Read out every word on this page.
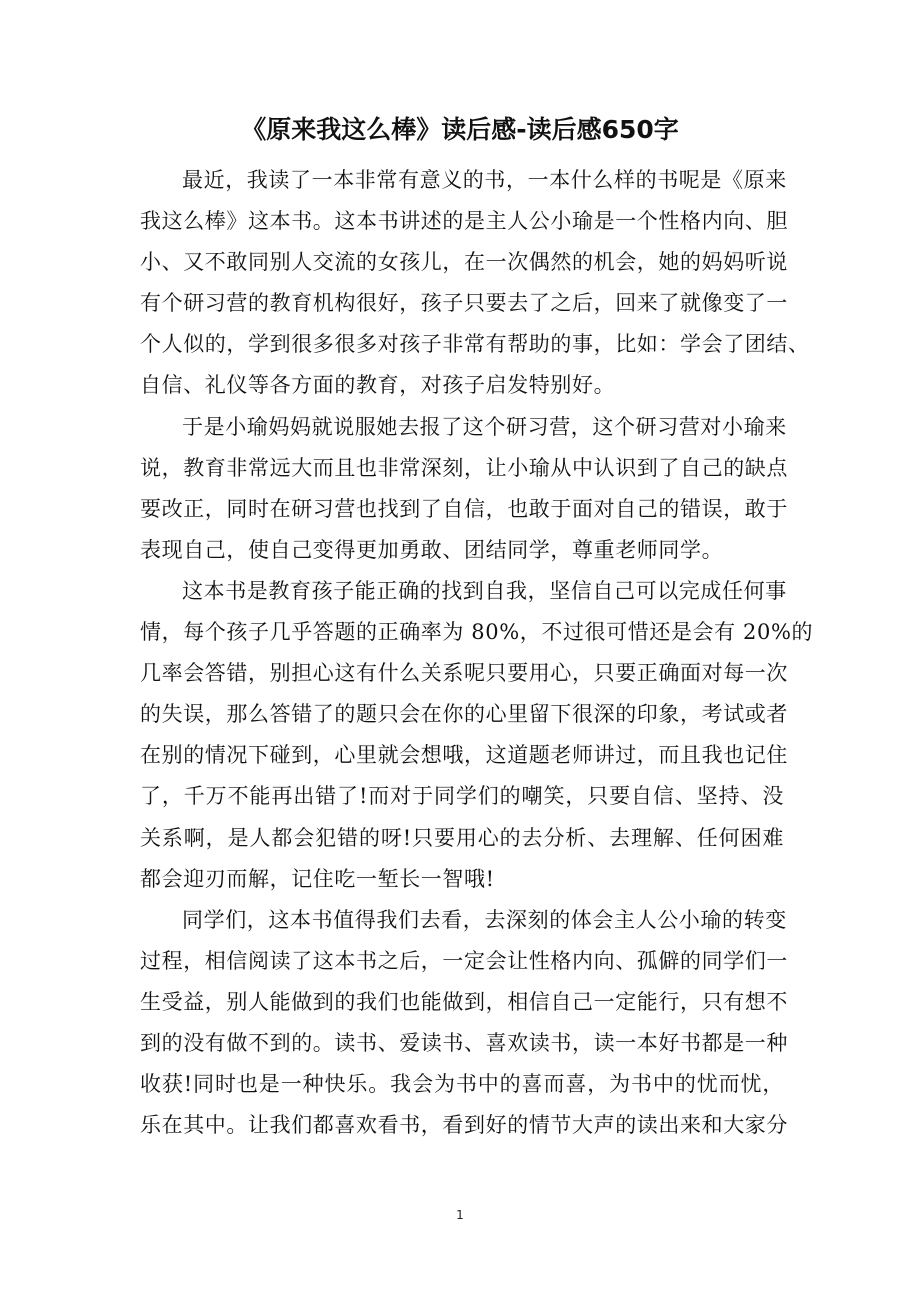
《原来我这么棒》读后感-读后感650字
最近，我读了一本非常有意义的书，一本什么样的书呢是《原来
我这么棒》这本书。这本书讲述的是主人公小瑜是一个性格内向、胆
小、又不敢同别人交流的女孩儿，在一次偶然的机会，她的妈妈听说
有个研习营的教育机构很好，孩子只要去了之后，回来了就像变了一
个人似的，学到很多很多对孩子非常有帮助的事，比如：学会了团结、
自信、礼仪等各方面的教育，对孩子启发特别好。
于是小瑜妈妈就说服她去报了这个研习营，这个研习营对小瑜来
说，教育非常远大而且也非常深刻，让小瑜从中认识到了自己的缺点
要改正，同时在研习营也找到了自信，也敢于面对自己的错误，敢于
表现自己，使自己变得更加勇敢、团结同学，尊重老师同学。
这本书是教育孩子能正确的找到自我，坚信自己可以完成任何事
情，每个孩子几乎答题的正确率为 80%，不过很可惜还是会有 20%的
几率会答错，别担心这有什么关系呢只要用心，只要正确面对每一次
的失误，那么答错了的题只会在你的心里留下很深的印象，考试或者
在别的情况下碰到，心里就会想哦，这道题老师讲过，而且我也记住
了，千万不能再出错了!而对于同学们的嘲笑，只要自信、坚持、没
关系啊，是人都会犯错的呀!只要用心的去分析、去理解、任何困难
都会迎刃而解，记住吃一堑长一智哦!
同学们，这本书值得我们去看，去深刻的体会主人公小瑜的转变
过程，相信阅读了这本书之后，一定会让性格内向、孤僻的同学们一
生受益，别人能做到的我们也能做到，相信自己一定能行，只有想不
到的没有做不到的。读书、爱读书、喜欢读书，读一本好书都是一种
收获!同时也是一种快乐。我会为书中的喜而喜，为书中的忧而忧，
乐在其中。让我们都喜欢看书，看到好的情节大声的读出来和大家分
1
